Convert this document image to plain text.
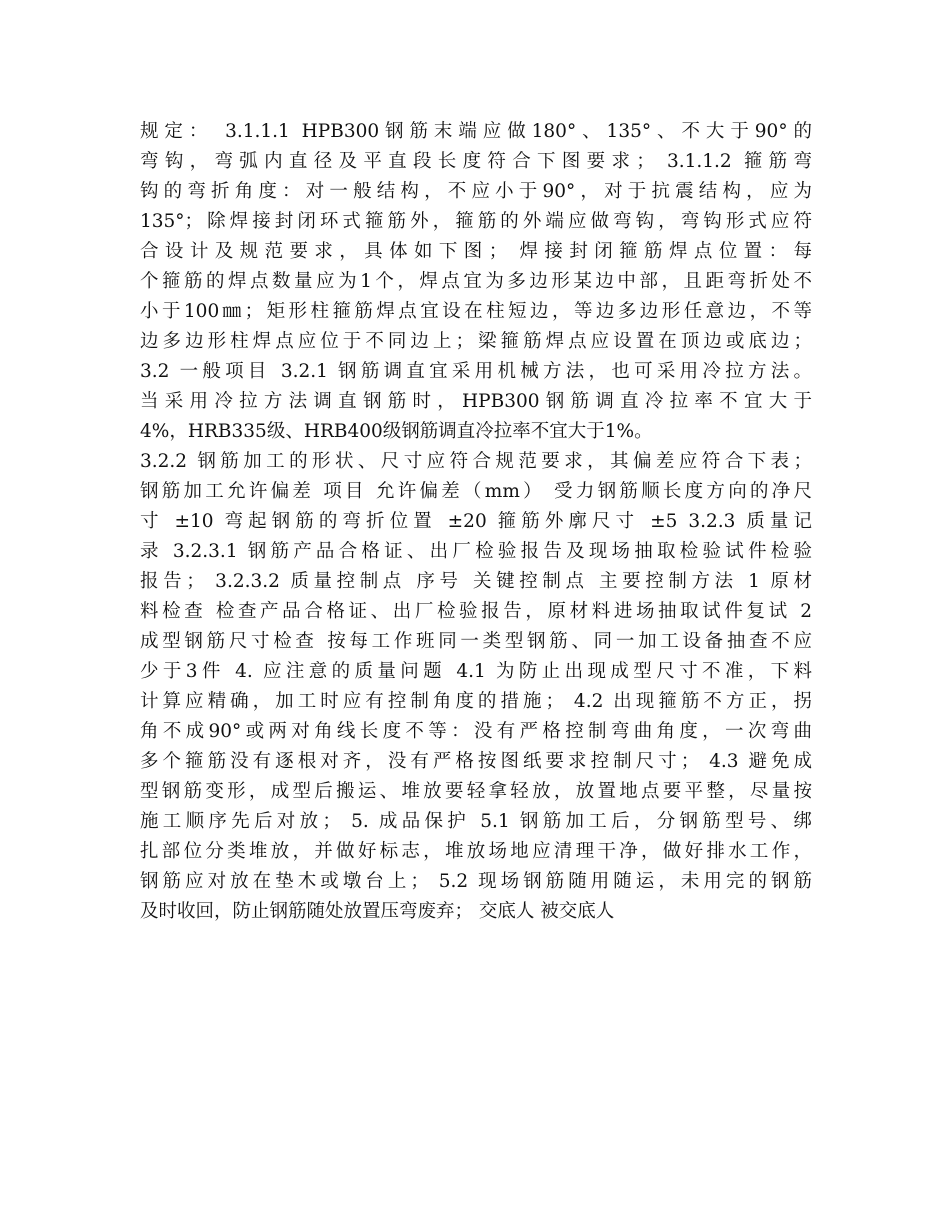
规定： 3.1.1.1 HPB300钢筋末端应做180°、135°、不大于90°的
弯钩，弯弧内直径及平直段长度符合下图要求； 3.1.1.2 箍筋弯
钩的弯折角度：对一般结构，不应小于90°，对于抗震结构，应为
135°；除焊接封闭环式箍筋外，箍筋的外端应做弯钩，弯钩形式应符
合设计及规范要求，具体如下图； 焊接封闭箍筋焊点位置：每
个箍筋的焊点数量应为1个，焊点宜为多边形某边中部，且距弯折处不
小于100㎜；矩形柱箍筋焊点宜设在柱短边，等边多边形任意边，不等
边多边形柱焊点应位于不同边上；梁箍筋焊点应设置在顶边或底边；
3.2 一般项目 3.2.1 钢筋调直宜采用机械方法，也可采用冷拉方法。
当采用冷拉方法调直钢筋时，HPB300钢筋调直冷拉率不宜大于
4%，HRB335级、HRB400级钢筋调直冷拉率不宜大于1%。
3.2.2 钢筋加工的形状、尺寸应符合规范要求，其偏差应符合下表；
钢筋加工允许偏差 项目 允许偏差（mm） 受力钢筋顺长度方向的净尺
寸 ±10 弯起钢筋的弯折位置 ±20 箍筋外廓尺寸 ±5 3.2.3 质量记
录 3.2.3.1 钢筋产品合格证、出厂检验报告及现场抽取检验试件检验
报告； 3.2.3.2 质量控制点 序号 关键控制点 主要控制方法 1 原材
料检查 检查产品合格证、出厂检验报告，原材料进场抽取试件复试 2
成型钢筋尺寸检查 按每工作班同一类型钢筋、同一加工设备抽查不应
少于3件 4. 应注意的质量问题 4.1 为防止出现成型尺寸不准，下料
计算应精确，加工时应有控制角度的措施； 4.2 出现箍筋不方正，拐
角不成90°或两对角线长度不等：没有严格控制弯曲角度，一次弯曲
多个箍筋没有逐根对齐，没有严格按图纸要求控制尺寸； 4.3 避免成
型钢筋变形，成型后搬运、堆放要轻拿轻放，放置地点要平整，尽量按
施工顺序先后对放； 5. 成品保护 5.1 钢筋加工后，分钢筋型号、绑
扎部位分类堆放，并做好标志，堆放场地应清理干净，做好排水工作，
钢筋应对放在垫木或墩台上； 5.2 现场钢筋随用随运，未用完的钢筋
及时收回，防止钢筋随处放置压弯废弃； 交底人 被交底人
